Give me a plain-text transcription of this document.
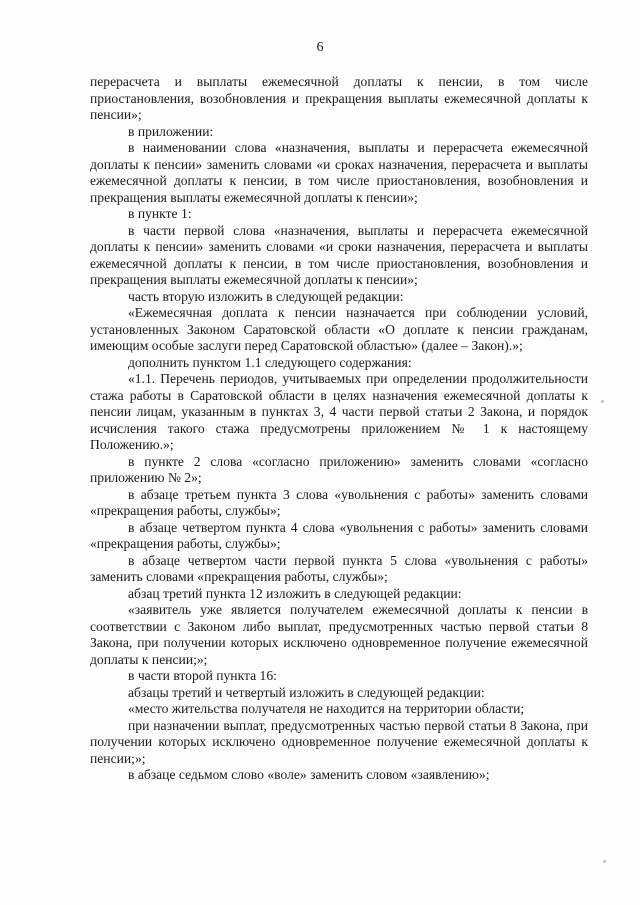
6

перерасчета и выплаты ежемесячной доплаты к пенсии, в том числе приостановления, возобновления и прекращения выплаты ежемесячной доплаты к пенсии»;

в приложении:

в наименовании слова «назначения, выплаты и перерасчета ежемесячной доплаты к пенсии» заменить словами «и сроках назначения, перерасчета и выплаты ежемесячной доплаты к пенсии, в том числе приостановления, возобновления и прекращения выплаты ежемесячной доплаты к пенсии»;

в пункте 1:

в части первой слова «назначения, выплаты и перерасчета ежемесячной доплаты к пенсии» заменить словами «и сроки назначения, перерасчета и выплаты ежемесячной доплаты к пенсии, в том числе приостановления, возобновления и прекращения выплаты ежемесячной доплаты к пенсии»;

часть вторую изложить в следующей редакции:

«Ежемесячная доплата к пенсии назначается при соблюдении условий, установленных Законом Саратовской области «О доплате к пенсии гражданам, имеющим особые заслуги перед Саратовской областью» (далее – Закон).»;

дополнить пунктом 1.1 следующего содержания:

«1.1. Перечень периодов, учитываемых при определении продолжительности стажа работы в Саратовской области в целях назначения ежемесячной доплаты к пенсии лицам, указанным в пунктах 3, 4 части первой статьи 2 Закона, и порядок исчисления такого стажа предусмотрены приложением № 1 к настоящему Положению.»;

в пункте 2 слова «согласно приложению» заменить словами «согласно приложению № 2»;

в абзаце третьем пункта 3 слова «увольнения с работы» заменить словами «прекращения работы, службы»;

в абзаце четвертом пункта 4 слова «увольнения с работы» заменить словами «прекращения работы, службы»;

в абзаце четвертом части первой пункта 5 слова «увольнения с работы» заменить словами «прекращения работы, службы»;

абзац третий пункта 12 изложить в следующей редакции:

«заявитель уже является получателем ежемесячной доплаты к пенсии в соответствии с Законом либо выплат, предусмотренных частью первой статьи 8 Закона, при получении которых исключено одновременное получение ежемесячной доплаты к пенсии;»;

в части второй пункта 16:

абзацы третий и четвертый изложить в следующей редакции:

«место жительства получателя не находится на территории области;

при назначении выплат, предусмотренных частью первой статьи 8 Закона, при получении которых исключено одновременное получение ежемесячной доплаты к пенсии;»;

в абзаце седьмом слово «воле» заменить словом «заявлению»;
